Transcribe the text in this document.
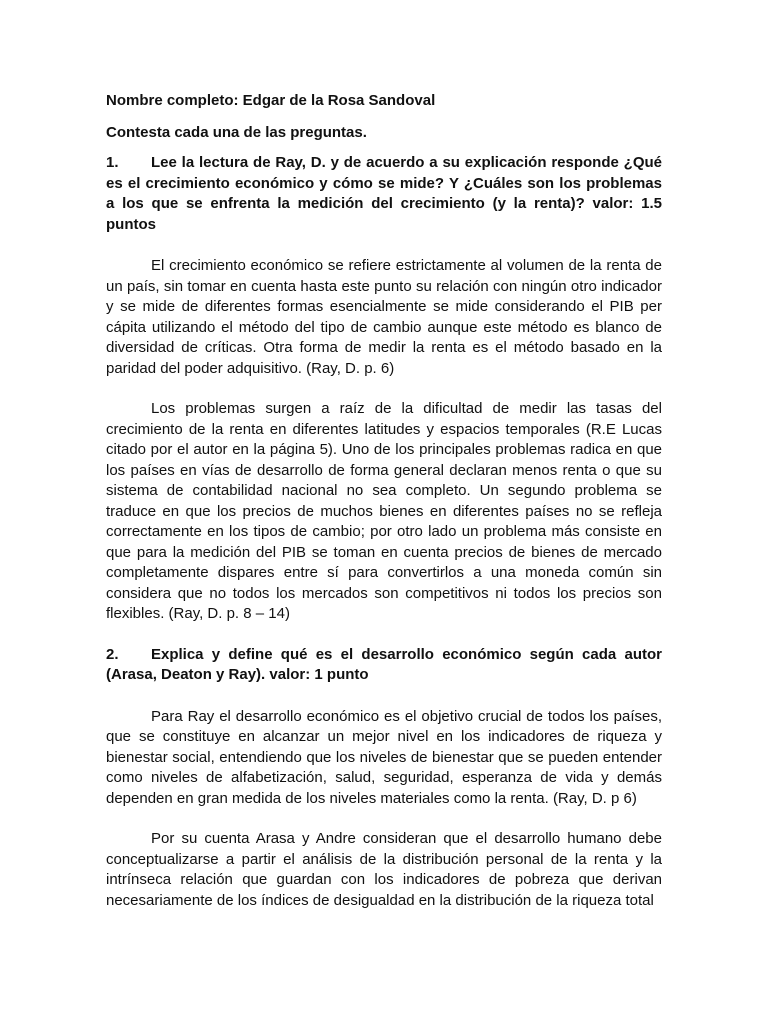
Nombre completo: Edgar de la Rosa Sandoval

Contesta cada una de las preguntas.

1. Lee la lectura de Ray, D. y de acuerdo a su explicación responde ¿Qué es el crecimiento económico y cómo se mide? Y ¿Cuáles son los problemas a los que se enfrenta la medición del crecimiento (y la renta)? valor: 1.5 puntos

El crecimiento económico se refiere estrictamente al volumen de la renta de un país, sin tomar en cuenta hasta este punto su relación con ningún otro indicador y se mide de diferentes formas esencialmente se mide considerando el PIB per cápita utilizando el método del tipo de cambio aunque este método es blanco de diversidad de críticas. Otra forma de medir la renta es el método basado en la paridad del poder adquisitivo. (Ray, D. p. 6)

Los problemas surgen a raíz de la dificultad de medir las tasas del crecimiento de la renta en diferentes latitudes y espacios temporales (R.E Lucas citado por el autor en la página 5). Uno de los principales problemas radica en que los países en vías de desarrollo de forma general declaran menos renta o que su sistema de contabilidad nacional no sea completo. Un segundo problema se traduce en que los precios de muchos bienes en diferentes países no se refleja correctamente en los tipos de cambio; por otro lado un problema más consiste en que para la medición del PIB se toman en cuenta precios de bienes de mercado completamente dispares entre sí para convertirlos a una moneda común sin considera que no todos los mercados son competitivos ni todos los precios son flexibles. (Ray, D. p. 8 – 14)

2. Explica y define qué es el desarrollo económico según cada autor (Arasa, Deaton y Ray). valor: 1 punto

Para Ray el desarrollo económico es el objetivo crucial de todos los países, que se constituye en alcanzar un mejor nivel en los indicadores de riqueza y bienestar social, entendiendo que los niveles de bienestar que se pueden entender como niveles de alfabetización, salud, seguridad, esperanza de vida y demás dependen en gran medida de los niveles materiales como la renta. (Ray, D. p 6)

Por su cuenta Arasa y Andre consideran que el desarrollo humano debe conceptualizarse a partir el análisis de la distribución personal de la renta y la intrínseca relación que guardan con los indicadores de pobreza que derivan necesariamente de los índices de desigualdad en la distribución de la riqueza total
